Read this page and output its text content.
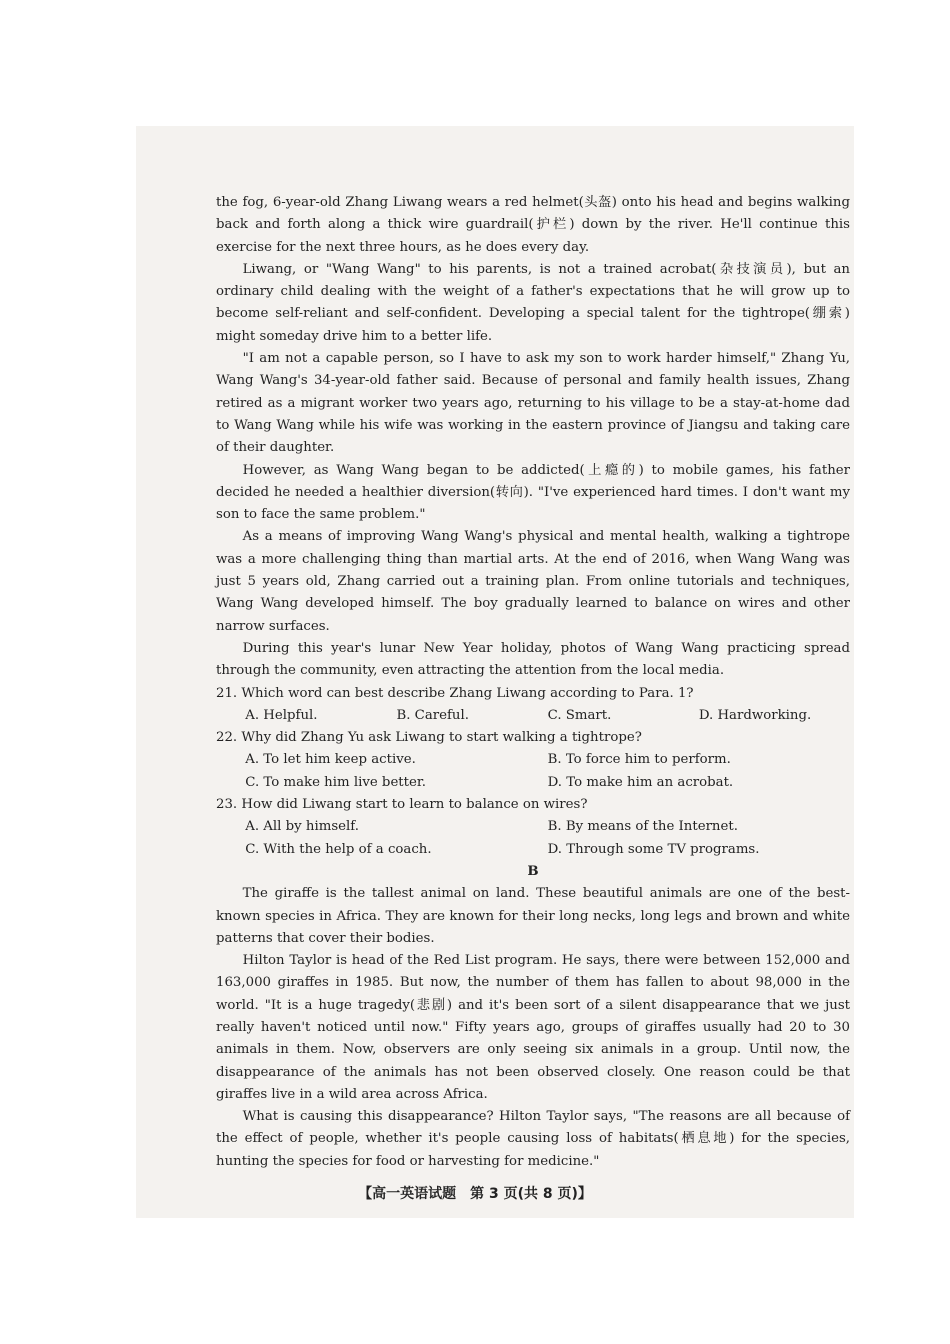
the fog, 6-year-old Zhang Liwang wears a red helmet(头盔) onto his head and begins walking back and forth along a thick wire guardrail(护栏) down by the river. He'll continue this exercise for the next three hours, as he does every day.

Liwang, or "Wang Wang" to his parents, is not a trained acrobat(杂技演员), but an ordinary child dealing with the weight of a father's expectations that he will grow up to become self-reliant and self-confident. Developing a special talent for the tightrope(绷索) might someday drive him to a better life.

"I am not a capable person, so I have to ask my son to work harder himself," Zhang Yu, Wang Wang's 34-year-old father said. Because of personal and family health issues, Zhang retired as a migrant worker two years ago, returning to his village to be a stay-at-home dad to Wang Wang while his wife was working in the eastern province of Jiangsu and taking care of their daughter.

However, as Wang Wang began to be addicted(上瘾的) to mobile games, his father decided he needed a healthier diversion(转向). "I've experienced hard times. I don't want my son to face the same problem."

As a means of improving Wang Wang's physical and mental health, walking a tightrope was a more challenging thing than martial arts. At the end of 2016, when Wang Wang was just 5 years old, Zhang carried out a training plan. From online tutorials and techniques, Wang Wang developed himself. The boy gradually learned to balance on wires and other narrow surfaces.

During this year's lunar New Year holiday, photos of Wang Wang practicing spread through the community, even attracting the attention from the local media.

21. Which word can best describe Zhang Liwang according to Para. 1?

A. Helpful.	B. Careful.	C. Smart.	D. Hardworking.

22. Why did Zhang Yu ask Liwang to start walking a tightrope?

A. To let him keep active.	B. To force him to perform.
C. To make him live better.	D. To make him an acrobat.

23. How did Liwang start to learn to balance on wires?

A. All by himself.	B. By means of the Internet.
C. With the help of a coach.	D. Through some TV programs.

B

The giraffe is the tallest animal on land. These beautiful animals are one of the best-known species in Africa. They are known for their long necks, long legs and brown and white patterns that cover their bodies.

Hilton Taylor is head of the Red List program. He says, there were between 152,000 and 163,000 giraffes in 1985. But now, the number of them has fallen to about 98,000 in the world. "It is a huge tragedy(悲剧) and it's been sort of a silent disappearance that we just really haven't noticed until now." Fifty years ago, groups of giraffes usually had 20 to 30 animals in them. Now, observers are only seeing six animals in a group. Until now, the disappearance of the animals has not been observed closely. One reason could be that giraffes live in a wild area across Africa.

What is causing this disappearance? Hilton Taylor says, "The reasons are all because of the effect of people, whether it's people causing loss of habitats(栖息地) for the species, hunting the species for food or harvesting for medicine."

【高一英语试题　第 3 页(共 8 页)】
